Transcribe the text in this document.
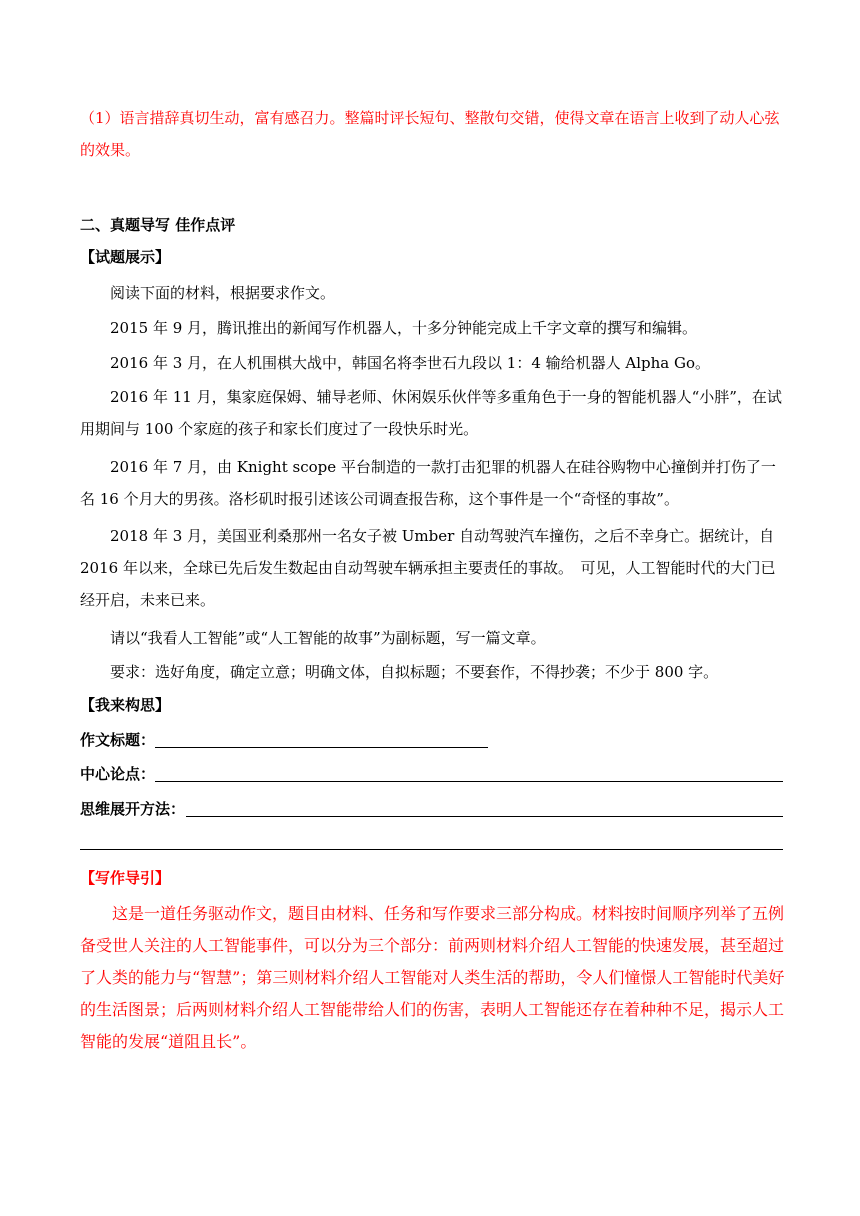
（1）语言措辞真切生动，富有感召力。整篇时评长短句、整散句交错，使得文章在语言上收到了动人心弦的效果。
二、真题导写 佳作点评
【试题展示】
阅读下面的材料，根据要求作文。
2015 年 9 月，腾讯推出的新闻写作机器人，十多分钟能完成上千字文章的撰写和编辑。
2016 年 3 月，在人机围棋大战中，韩国名将李世石九段以 1：4 输给机器人 Alpha Go。
2016 年 11 月，集家庭保姆、辅导老师、休闲娱乐伙伴等多重角色于一身的智能机器人“小胖”，在试用期间与 100 个家庭的孩子和家长们度过了一段快乐时光。
2016 年 7 月，由 Knight scope 平台制造的一款打击犯罪的机器人在硅谷购物中心撞倒并打伤了一名 16 个月大的男孩。洛杉矶时报引述该公司调查报告称，这个事件是一个“奇怪的事故”。
2018 年 3 月，美国亚利桑那州一名女子被 Umber 自动驾驶汽车撞伤，之后不幸身亡。据统计，自 2016 年以来，全球已先后发生数起由自动驾驶车辆承担主要责任的事故。　可见，人工智能时代的大门已经开启，未来已来。
请以“我看人工智能”或“人工智能的故事”为副标题，写一篇文章。
要求：选好角度，确定立意；明确文体，自拟标题；不要套作，不得抄袭；不少于 800 字。
【我来构思】
作文标题：
中心论点：
思维展开方法：
【写作导引】
这是一道任务驱动作文，题目由材料、任务和写作要求三部分构成。材料按时间顺序列举了五例备受世人关注的人工智能事件，可以分为三个部分：前两则材料介绍人工智能的快速发展，甚至超过了人类的能力与“智慧”；第三则材料介绍人工智能对人类生活的帮助，令人们憧憬人工智能时代美好的生活图景；后两则材料介绍人工智能带给人们的伤害，表明人工智能还存在着种种不足，揭示人工智能的发展“道阻且长”。
